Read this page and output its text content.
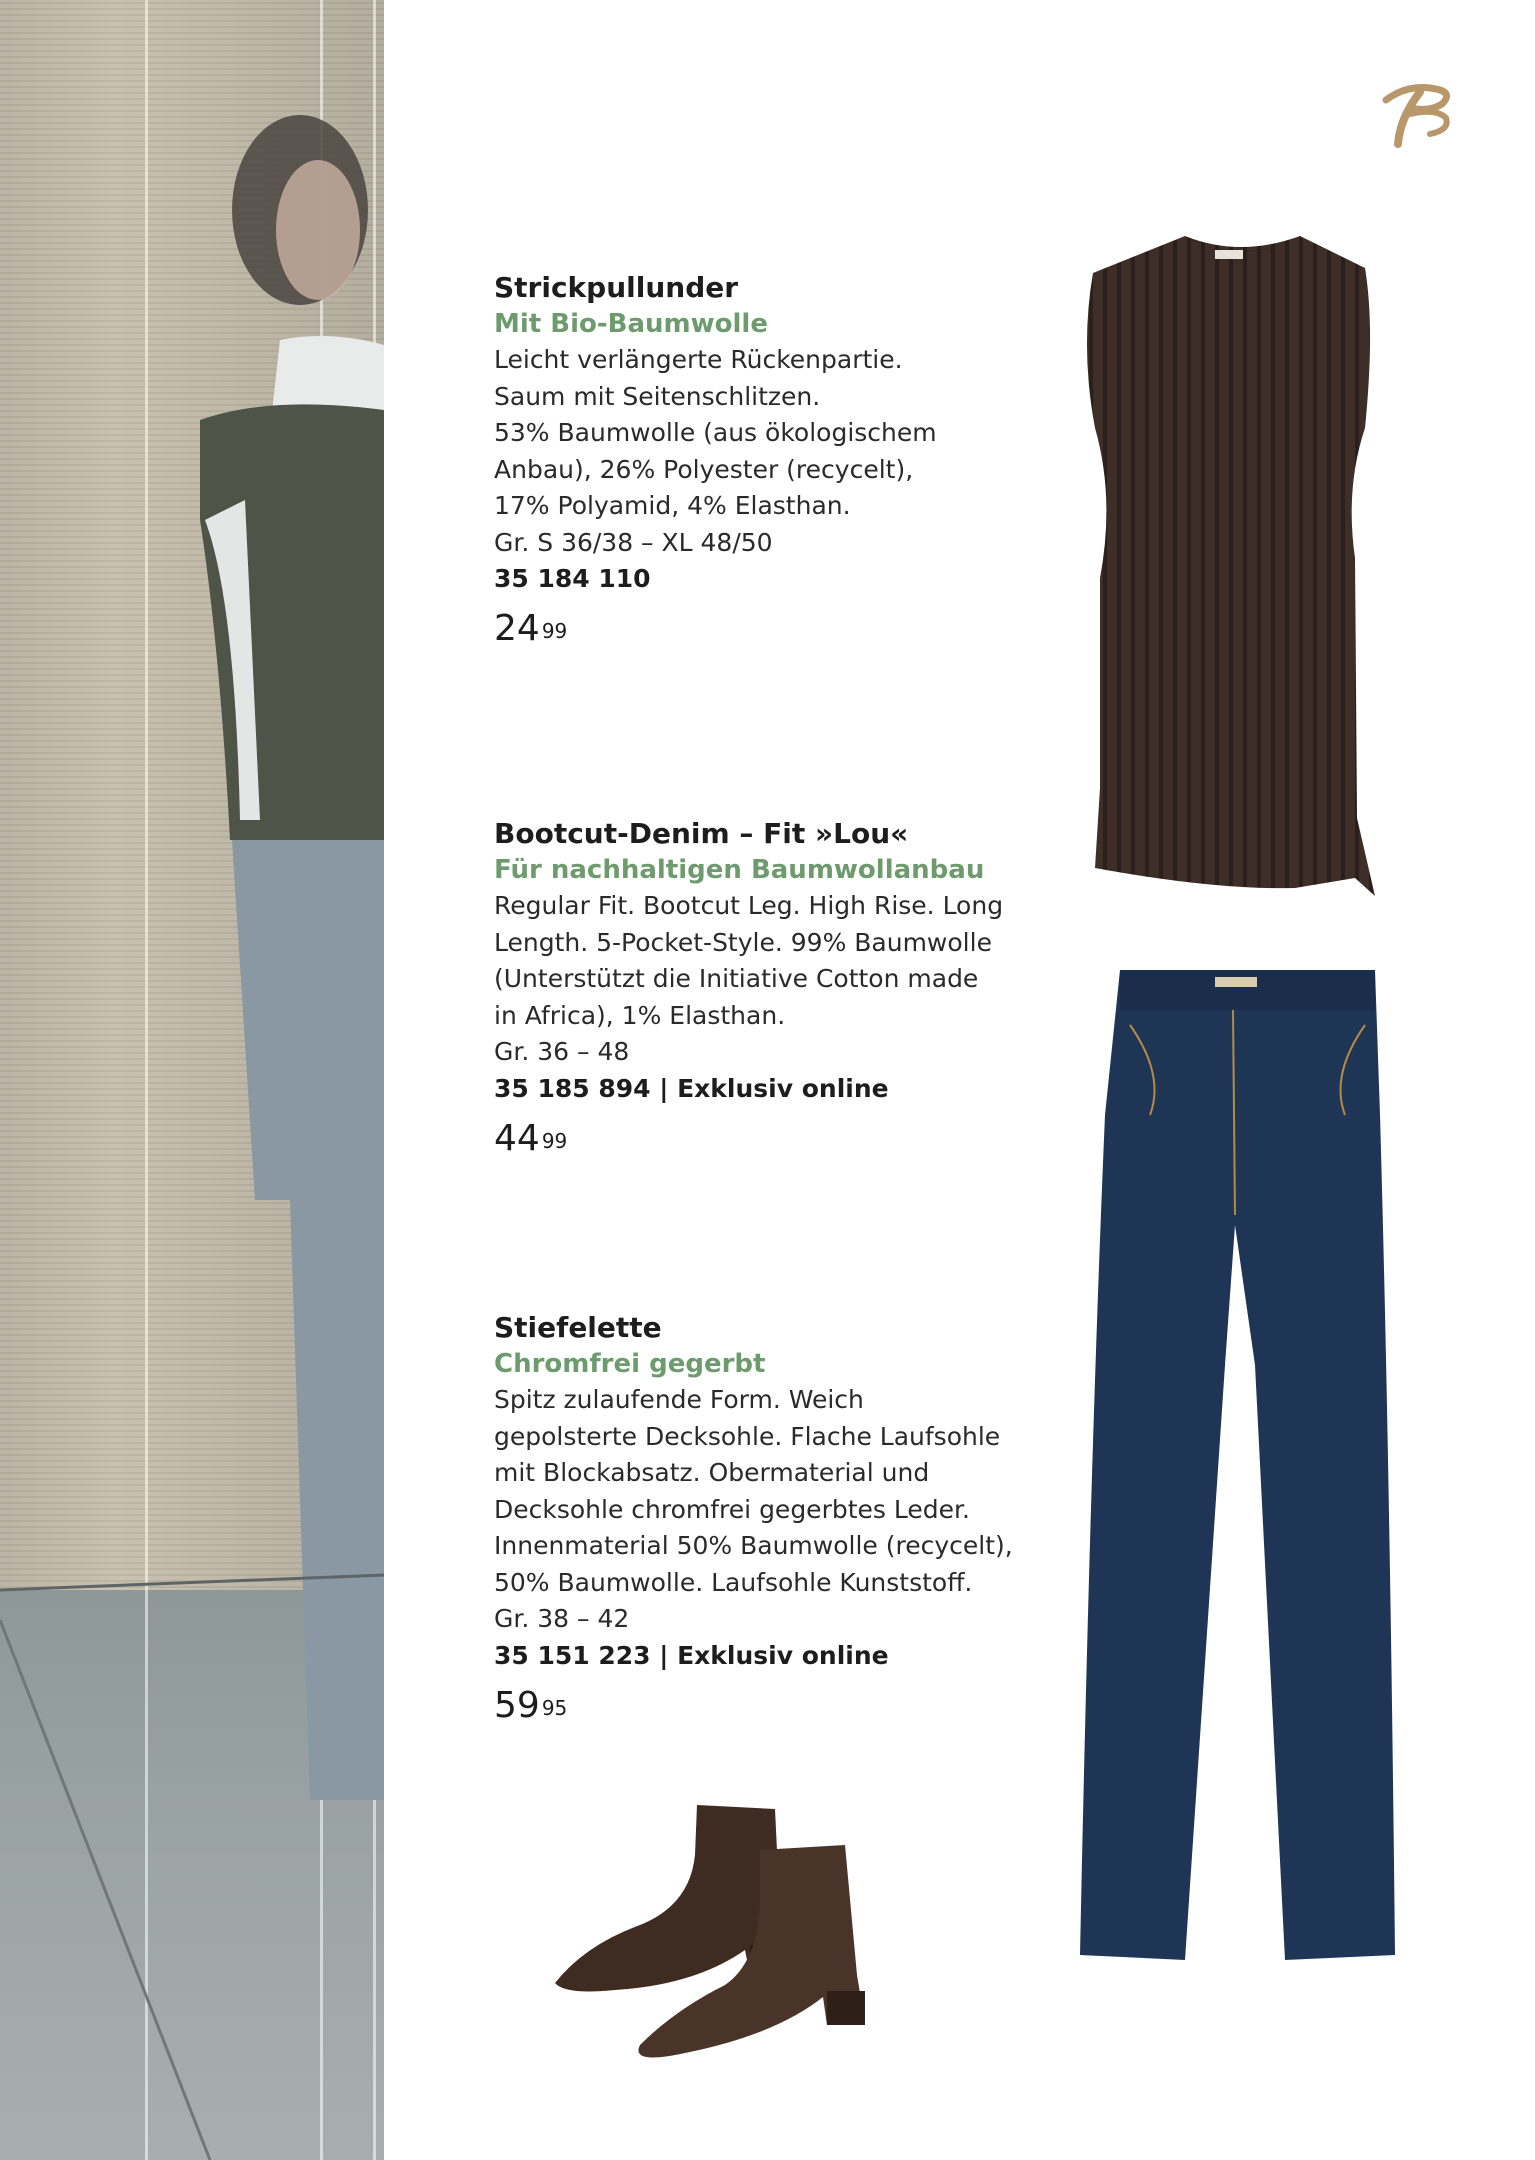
Strickpullunder

Mit Bio-Baumwolle

Leicht verlängerte Rückenpartie.
Saum mit Seitenschlitzen.
53% Baumwolle (aus ökologischem
Anbau), 26% Polyester (recycelt),
17% Polyamid, 4% Elasthan.
Gr. S 36/38 – XL 48/50

35 184 110

24 $^{99}$

Bootcut-Denim – Fit »Lou«

Für nachhaltigen Baumwollanbau

Regular Fit. Bootcut Leg. High Rise. Long
Length. 5-Pocket-Style. 99% Baumwolle
(Unterstützt die Initiative Cotton made
in Africa), 1% Elasthan.
Gr. 36 – 48

35 185 894 | Exklusiv online

44 $^{99}$

Stiefelette

Chromfrei gegerbt

Spitz zulaufende Form. Weich
gepolsterte Decksohle. Flache Laufsohle
mit Blockabsatz. Obermaterial und
Decksohle chromfrei gegerbtes Leder.
Innenmaterial 50% Baumwolle (recycelt),
50% Baumwolle. Laufsohle Kunststoff.
Gr. 38 – 42

35 151 223 | Exklusiv online

59 $^{95}$
